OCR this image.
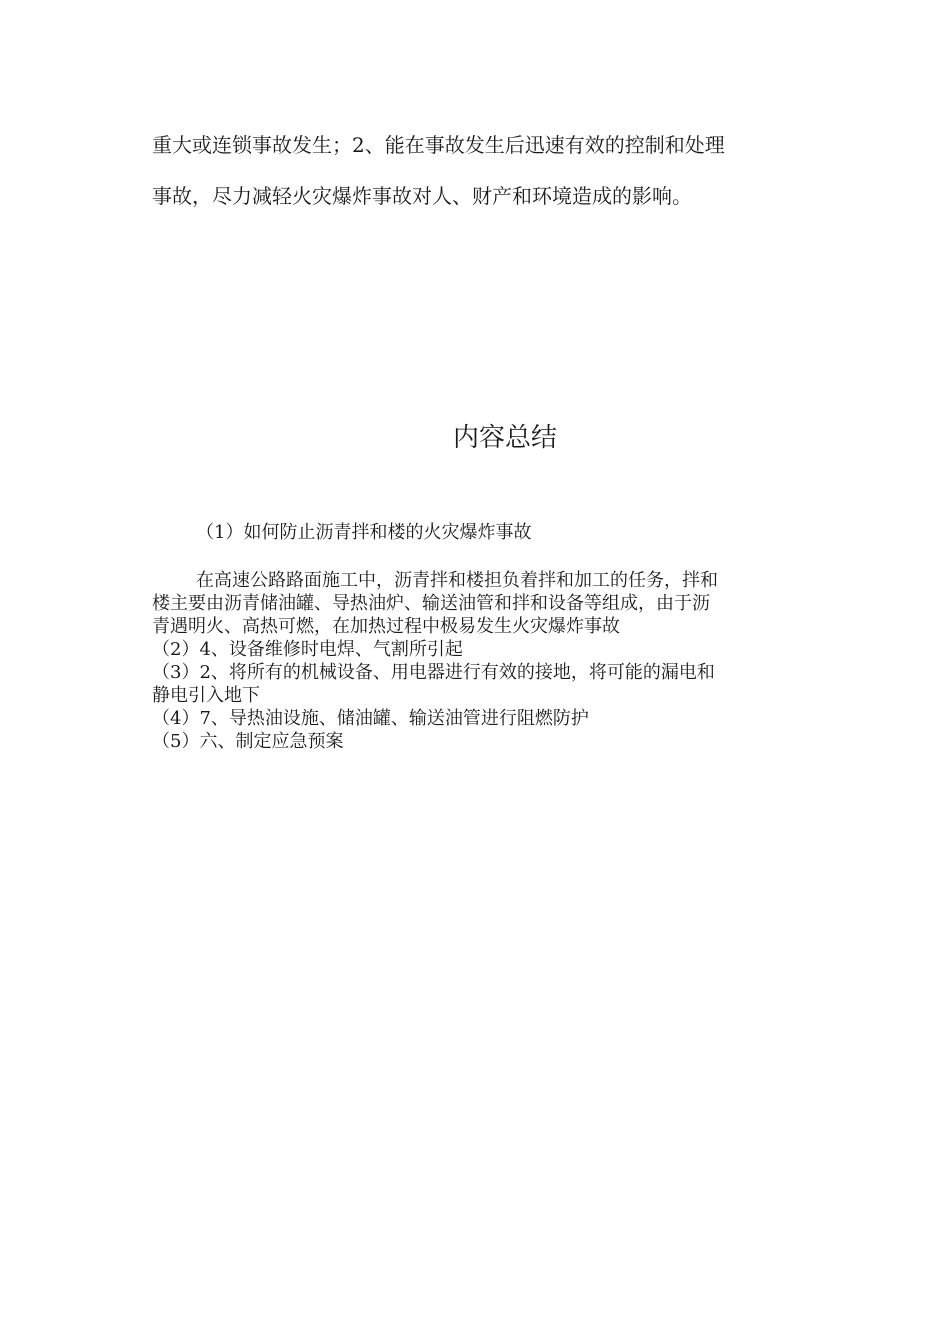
重大或连锁事故发生；2、能在事故发生后迅速有效的控制和处理
事故，尽力减轻火灾爆炸事故对人、财产和环境造成的影响。
内容总结
（1）如何防止沥青拌和楼的火灾爆炸事故
在高速公路路面施工中，沥青拌和楼担负着拌和加工的任务，拌和
楼主要由沥青储油罐、导热油炉、输送油管和拌和设备等组成，由于沥
青遇明火、高热可燃，在加热过程中极易发生火灾爆炸事故
（2）4、设备维修时电焊、气割所引起
（3）2、将所有的机械设备、用电器进行有效的接地，将可能的漏电和
静电引入地下
（4）7、导热油设施、储油罐、输送油管进行阻燃防护
（5）六、制定应急预案
